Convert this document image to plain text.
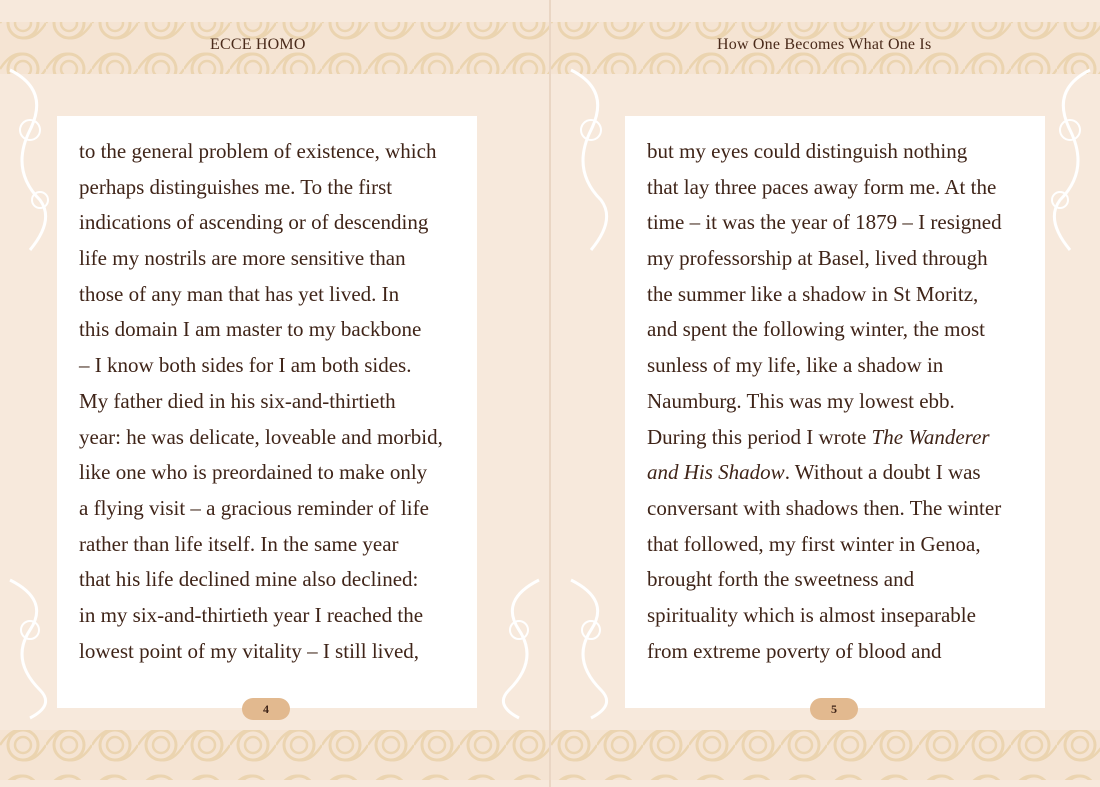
ECCE HOMO
to the general problem of existence, which
perhaps distinguishes me. To the first
indications of ascending or of descending
life my nostrils are more sensitive than
those of any man that has yet lived. In
this domain I am master to my backbone
– I know both sides for I am both sides.
My father died in his six-and-thirtieth
year: he was delicate, loveable and morbid,
like one who is preordained to make only
a flying visit – a gracious reminder of life
rather than life itself. In the same year
that his life declined mine also declined:
in my six-and-thirtieth year I reached the
lowest point of my vitality – I still lived,
4
How One Becomes What One Is
but my eyes could distinguish nothing
that lay three paces away form me. At the
time – it was the year of 1879 – I resigned
my professorship at Basel, lived through
the summer like a shadow in St Moritz,
and spent the following winter, the most
sunless of my life, like a shadow in
Naumburg. This was my lowest ebb.
During this period I wrote The Wanderer
and His Shadow. Without a doubt I was
conversant with shadows then. The winter
that followed, my first winter in Genoa,
brought forth the sweetness and
spirituality which is almost inseparable
from extreme poverty of blood and
5
